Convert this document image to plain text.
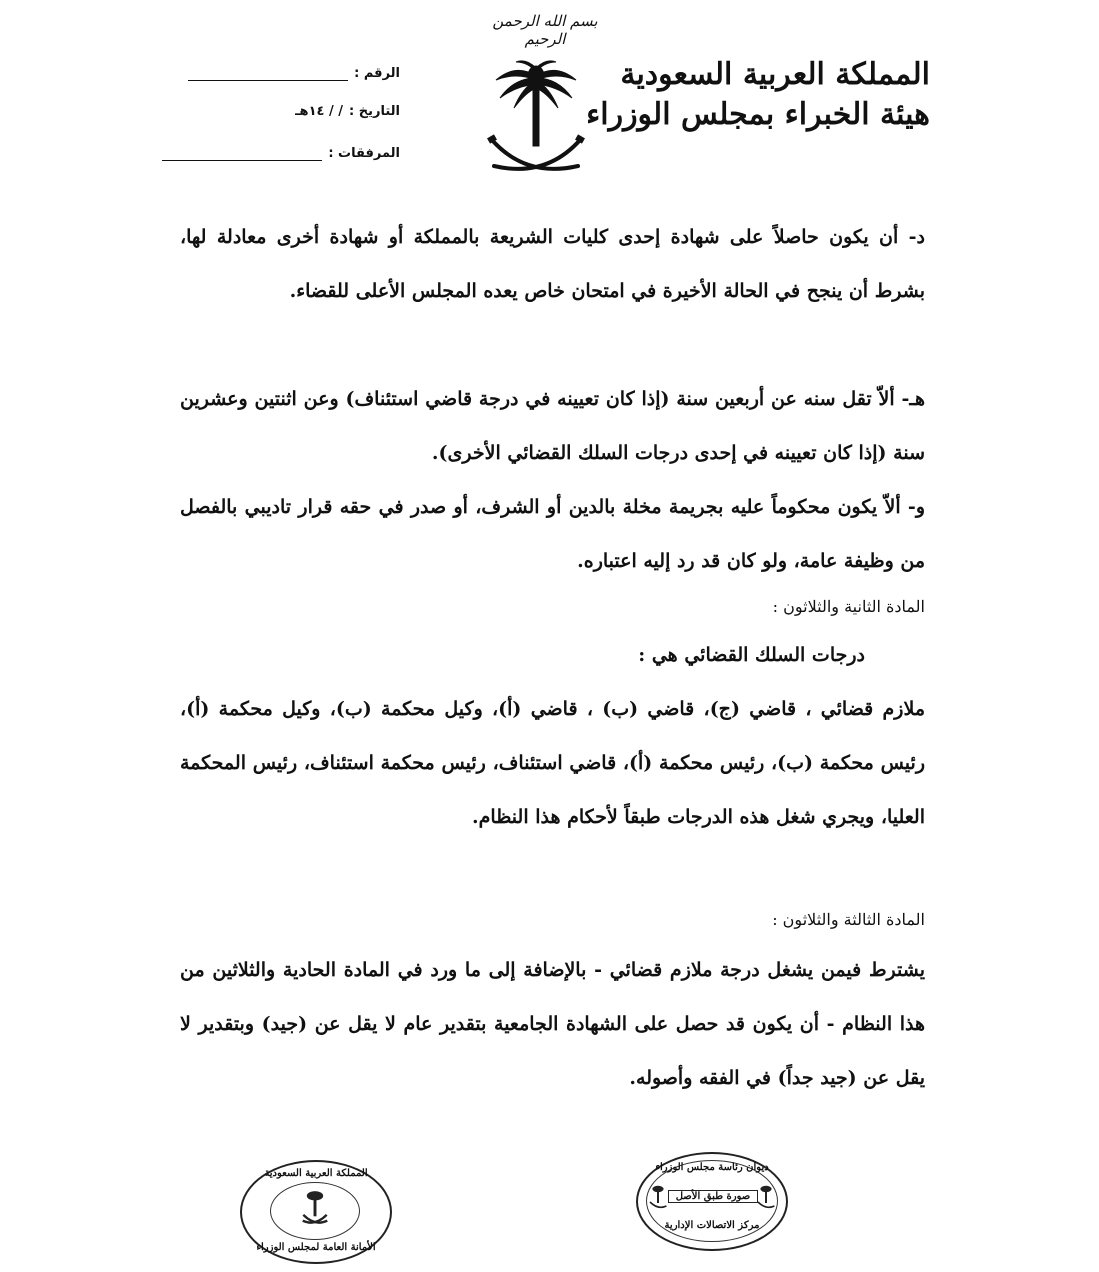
بسم الله الرحمن الرحيم
المملكة العربية السعودية
هيئة الخبراء بمجلس الوزراء
الرقم :
التاريخ :
/ / ١٤هـ
المرفقات :
د- أن يكون حاصلاً على شهادة إحدى كليات الشريعة بالمملكة أو شهادة أخرى معادلة لها، بشرط أن ينجح في الحالة الأخيرة في امتحان خاص يعده المجلس الأعلى للقضاء.
هـ- ألاّ تقل سنه عن أربعين سنة (إذا كان تعيينه في درجة قاضي استئناف) وعن اثنتين وعشرين سنة (إذا كان تعيينه في إحدى درجات السلك القضائي الأخرى).
و- ألاّ يكون محكوماً عليه بجريمة مخلة بالدين أو الشرف، أو صدر في حقه قرار تاديبي بالفصل من وظيفة عامة، ولو كان قد رد إليه اعتباره.
المادة الثانية والثلاثون :
درجات السلك القضائي هي :
ملازم قضائي ، قاضي (ج)، قاضي (ب) ، قاضي (أ)، وكيل محكمة (ب)، وكيل محكمة (أ)، رئيس محكمة (ب)، رئيس محكمة (أ)، قاضي استئناف، رئيس محكمة استئناف، رئيس المحكمة العليا، ويجري شغل هذه الدرجات طبقاً لأحكام هذا النظام.
المادة الثالثة والثلاثون :
يشترط فيمن يشغل درجة ملازم قضائي - بالإضافة إلى ما ورد في المادة الحادية والثلاثين من هذا النظام - أن يكون قد حصل على الشهادة الجامعية بتقدير عام لا يقل عن (جيد) وبتقدير لا يقل عن (جيد جداً) في الفقه وأصوله.
المملكة العربية السعودية
الأمانة العامة لمجلس الوزراء
ديوان رئاسة مجلس الوزراء
صورة طبق الأصل
مركز الاتصالات الإدارية
